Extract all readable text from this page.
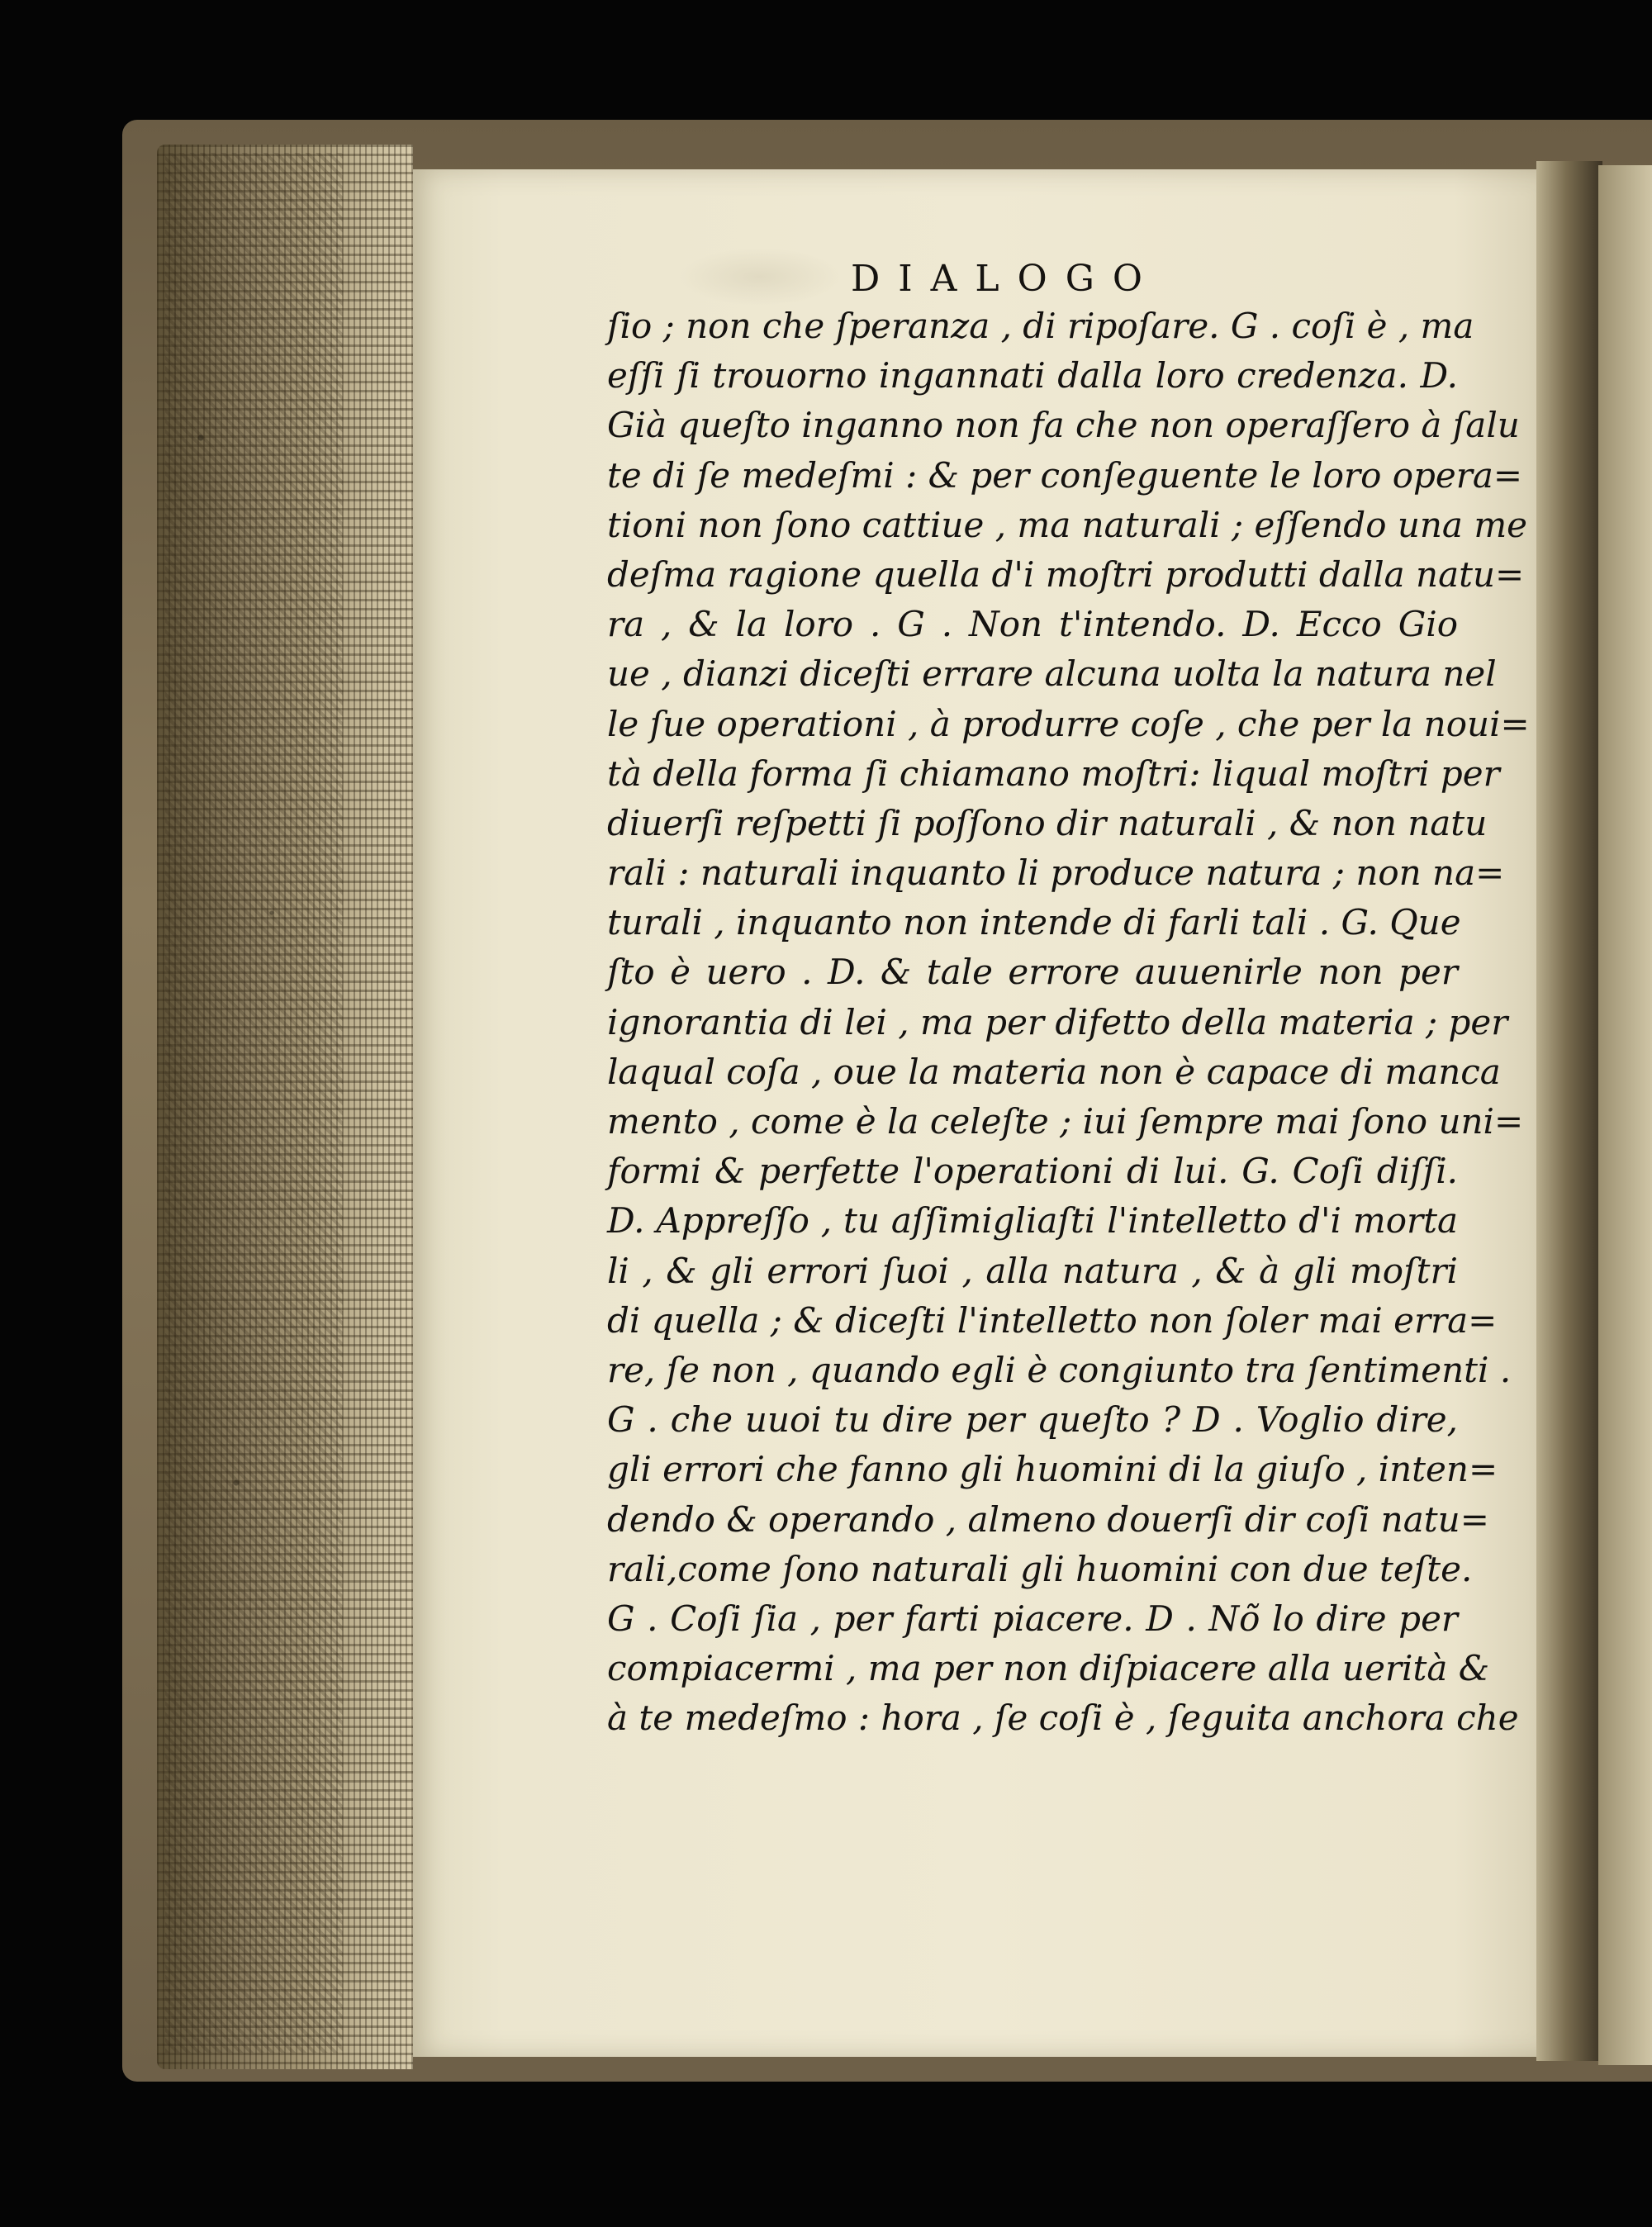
DIALOGO
ſio ; non che ſperanza , di ripoſare. G . coſi è , ma
eſſi ſi trouorno ingannati dalla loro credenza. D.
Già queſto inganno non fa che non operaſſero à ſalu
te di ſe medeſmi : & per conſeguente le loro opera=
tioni non ſono cattiue , ma naturali ; eſſendo una me
deſma ragione quella d'i moſtri produtti dalla natu=
ra , & la loro . G . Non t'intendo. D. Ecco Gio
ue , dianzi diceſti errare alcuna uolta la natura nel
le ſue operationi , à produrre coſe , che per la noui=
tà della forma ſi chiamano moſtri: liqual moſtri per
diuerſi reſpetti ſi poſſono dir naturali , & non natu
rali : naturali inquanto li produce natura ; non na=
turali , inquanto non intende di farli tali . G. Que
ſto è uero . D. & tale errore auuenirle non per
ignorantia di lei , ma per difetto della materia ; per
laqual coſa , oue la materia non è capace di manca
mento , come è la celeſte ; iui ſempre mai ſono uni=
formi & perfette l'operationi di lui. G. Coſi diſſi.
D. Appreſſo , tu aſſimigliaſti l'intelletto d'i morta
li , & gli errori ſuoi , alla natura , & à gli moſtri
di quella ; & diceſti l'intelletto non ſoler mai erra=
re, ſe non , quando egli è congiunto tra ſentimenti .
G . che uuoi tu dire per queſto ? D . Voglio dire,
gli errori che fanno gli huomini di la giuſo , inten=
dendo & operando , almeno douerſi dir coſi natu=
rali,come ſono naturali gli huomini con due teſte.
G . Coſi ſia , per farti piacere. D . Nõ lo dire per
compiacermi , ma per non diſpiacere alla uerità &
à te medeſmo : hora , ſe coſi è , ſeguita anchora che
